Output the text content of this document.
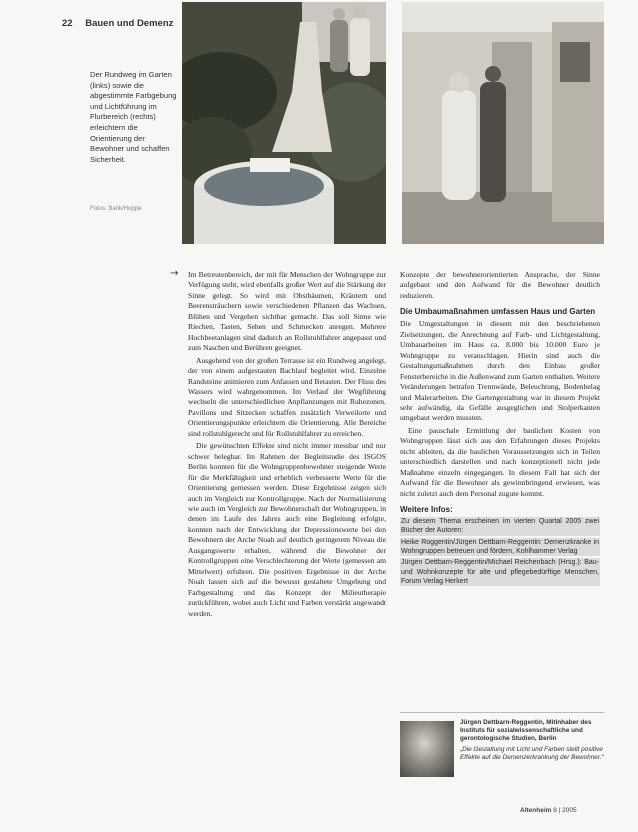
22 Bauen und Demenz
Der Rundweg im Garten (links) sowie die abgestimmte Farbgebung und Lichtführung im Flurbereich (rechts) erleichtern die Orientierung der Bewohner und schaffen Sicherheit.
Fotos: Bank/Hoppe
→ Im Betreutenbereich, der mit für Menschen der Wohngruppe zur Verfügung steht, wird ebenfalls großer Wert auf die Stärkung der Sinne gelegt. So wird mit Obstbäumen, Kräutern und Beerensträuchern sowie verschiedenen Pflanzen das Wachsen, Blühen und Vergehen sichtbar gemacht. Das soll Sinne wie Riechen, Tasten, Sehen und Schmecken anregen. Mehrere Hochbeetanlagen sind dadurch an Rollstuhlfahrer angepasst und zum Naschen und Berühren geeignet.

Ausgehend von der großen Terrasse ist ein Rundweg angelegt, der von einem aufgestauten Bachlauf begleitet wird. Einzelne Randsteine animieren zum Anfassen und Betasten. Der Fluss des Wassers wird wahrgenommen. Im Verlauf der Wegführung wechseln die unterschiedlichen Anpflanzungen mit Ruhezonen. Pavillons und Sitzecken schaffen zusätzlich Verweilorte und Orientierungspunkte erleichtern die Orientierung. Alle Bereiche sind rollstuhlgerecht und für Rollstuhlfahrer zu erreichen.

Die gewünschten Effekte sind nicht immer messbar und nur schwer belegbar. Im Rahmen der Begleitstudie des ISGOS Berlin konnten für die Wohngruppenbewohner steigende Werte für die Merkfähigkeit und erheblich verbesserte Werte für die Orientierung gemessen werden. Diese Ergebnisse zeigen sich auch im Vergleich zur Kontrollgruppe. Nach der Normalisierung wie auch im Vergleich zur Bewohnerschaft der Wohngruppen, in denen im Laufe des Jahres auch eine Begleitung erfolgte, konnten nach der Entwicklung der Depressionswerte bei den Bewohnern der Arche Noah auf deutlich geringerem Niveau die Ausgangswerte erhalten, während die Bewohner der Kontrollgruppen eine Verschlechterung der Werte (gemessen am Mittelwert) erfuhren. Die positiven Ergebnisse in der Arche Noah lassen sich auf die bewusst gestaltete Umgebung und Farbgestaltung und das Konzept der Milieutherapie zurückführen, wobei auch Licht und Farben verstärkt angewandt werden.

Konzepte der bewohnerorientierten Ansprache, der Sinne aufgebaut und den Aufwand für die Bewohner deutlich reduzieren.

Die Umbaumaßnahmen umfassen Haus und Garten

Die Umgestaltungen in diesem mit den beschriebenen Zielsetzungen, die Anrechnung auf Farb- und Lichtgestaltung, Umbauarbeiten im Haus ca. 8.000 bis 10.000 Euro je Wohngruppe zu veranschlagen. Hierin sind auch die Gestaltungsmaßnahmen durch den Einbau großer Fensterbereiche in die Außenwand zum Garten enthalten. Weitere Veränderungen betrafen Trennwände, Beleuchtung, Bodenbelag und Malerarbeiten. Die Gartengestaltung war in diesem Projekt sehr aufwändig, da Gefälle ausgeglichen und Stolperkanten umgebaut werden mussten.

Eine pauschale Ermittlung der baulichen Kosten von Wohngruppen lässt sich aus den Erfahrungen dieses Projekts nicht ableiten, da die baulichen Voraussetzungen sich in Teilen unterschiedlich darstellen und nach konzeptionell nicht jede Maßnahme einzeln eingegangen. In diesem Fall hat sich der Aufwand für die Bewohner als gewinnbringend erwiesen, was nicht zuletzt auch dem Personal zugute kommt.

Weitere Infos:
Zu diesem Thema erscheinen im vierten Quartal 2005 zwei Bücher der Autoren:
Heike Roggentin/Jürgen Dettbarn-Reggentin: Demenzkranke in Wohngruppen betreuen und fördern, Kohlhammer Verlag
Jürgen Dettbarn-Reggentin/Michael Reichenbach (Hrsg.): Bau- und Wohnkonzepte für alte und pflegebedürftige Menschen, Forum Verlag Herkert
Jürgen Dettbarn-Reggentin, Mitinhaber des Instituts für sozialwissenschaftliche und gerontologische Studien, Berlin
„Die Gestaltung mit Licht und Farben stellt positive Effekte auf die Demenzerkrankung der Bewohner.“
Altenheim 8 | 2005
